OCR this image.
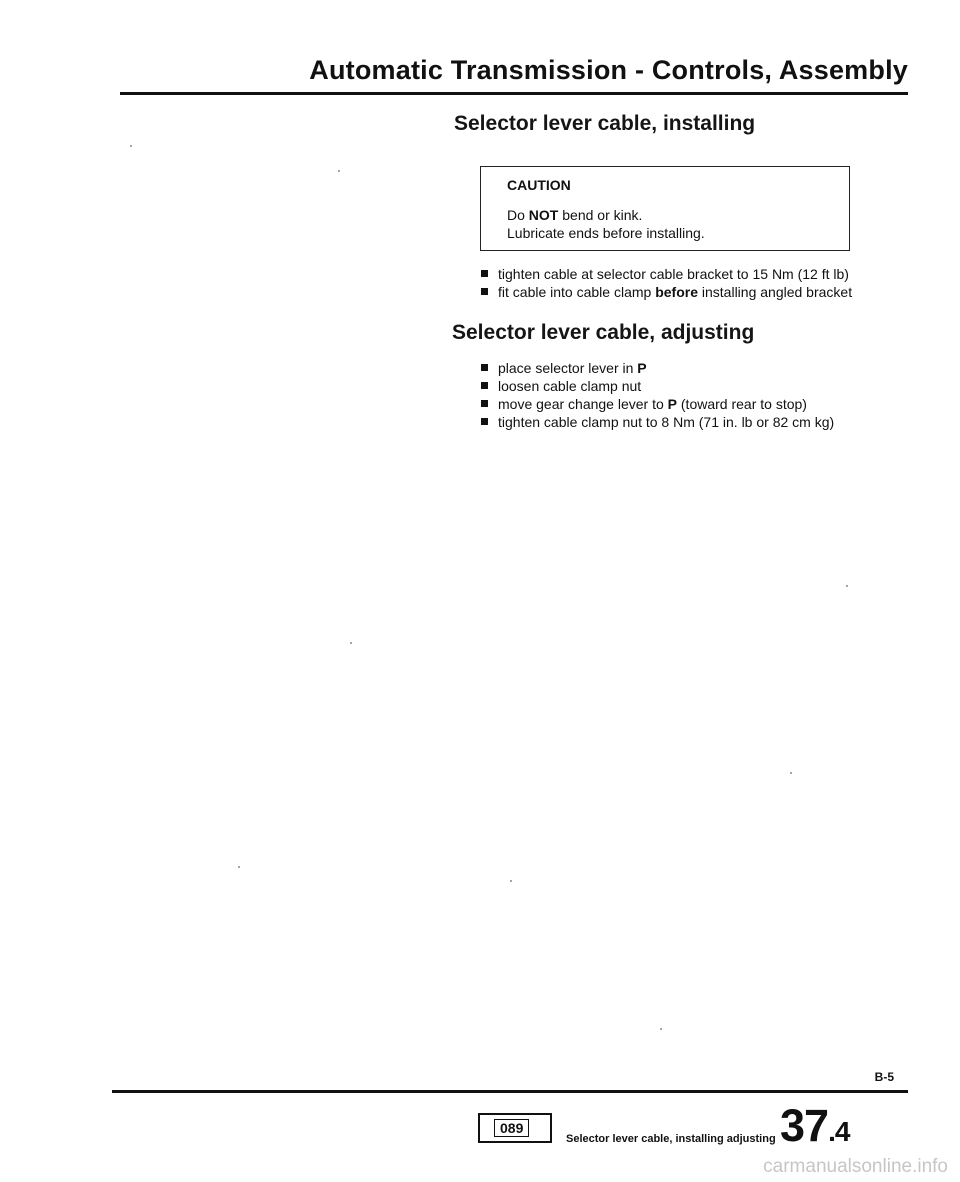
Automatic Transmission - Controls, Assembly
Selector lever cable, installing
CAUTION
Do NOT bend or kink.
Lubricate ends before installing.
tighten cable at selector cable bracket to 15 Nm (12 ft lb)
fit cable into cable clamp before installing angled bracket
Selector lever cable, adjusting
place selector lever in P
loosen cable clamp nut
move gear change lever to P (toward rear to stop)
tighten cable clamp nut to 8 Nm (71 in. lb or 82 cm kg)
B-5
089
Selector lever cable, installing adjusting 37.4
carmanualsonline.info
